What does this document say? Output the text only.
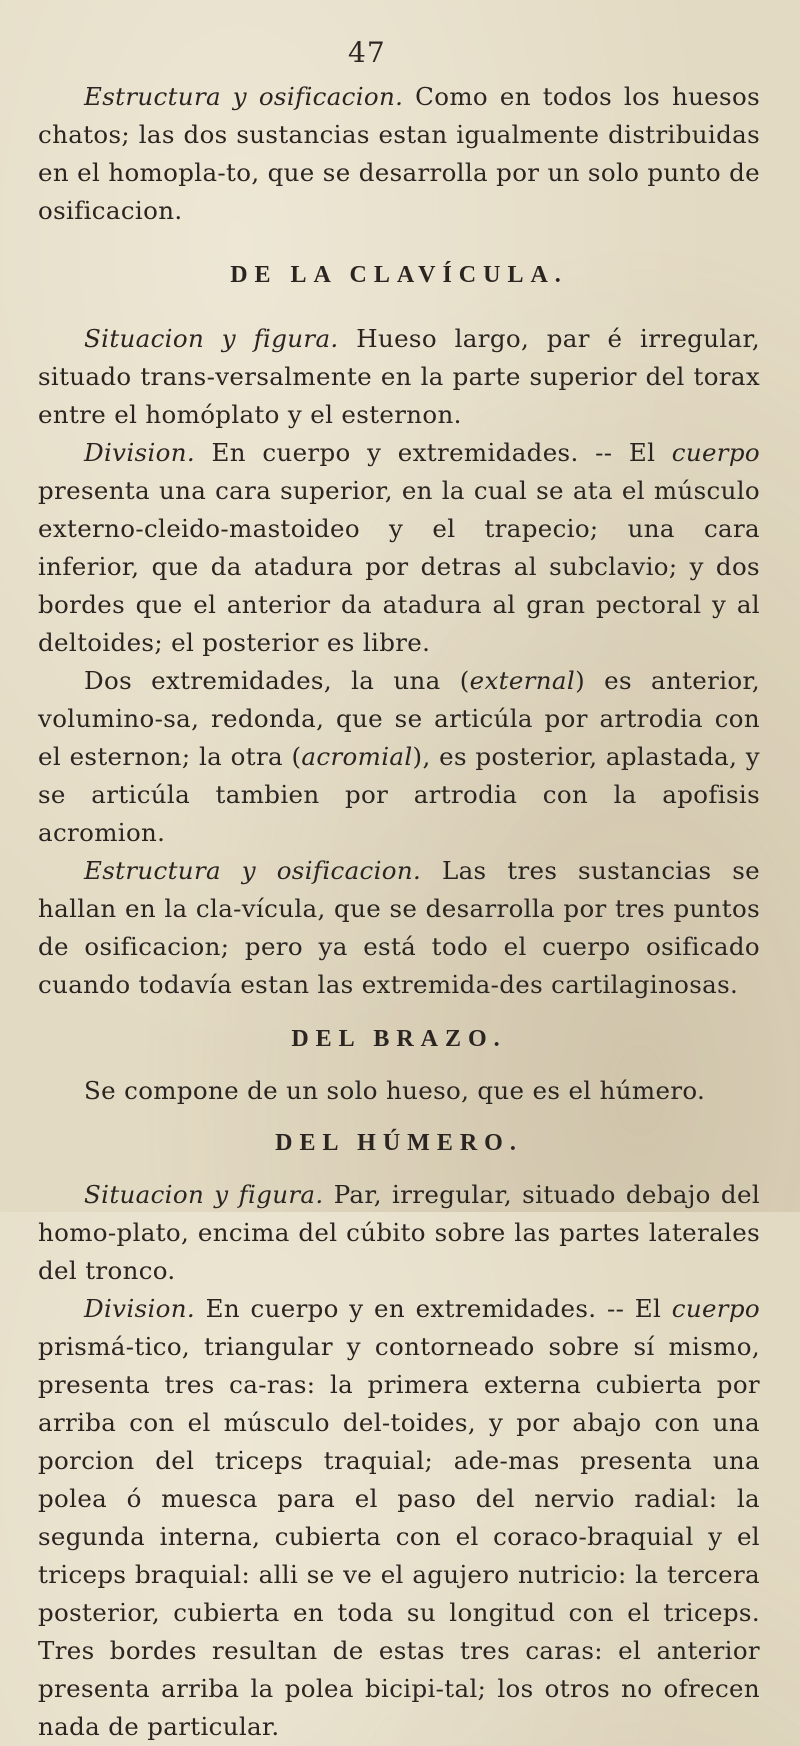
47

Estructura y osificacion. Como en todos los huesos chatos; las dos sustancias estan igualmente distribuidas en el homopla-to, que se desarrolla por un solo punto de osificacion.

DE LA CLAVÍCULA.

Situacion y figura. Hueso largo, par é irregular, situado trans-versalmente en la parte superior del torax entre el homóplato y el esternon.

Division. En cuerpo y extremidades. -- El cuerpo presenta una cara superior, en la cual se ata el músculo externo-cleido-mastoideo y el trapecio; una cara inferior, que da atadura por detras al subclavio; y dos bordes que el anterior da atadura al gran pectoral y al deltoides; el posterior es libre.

Dos extremidades, la una (external) es anterior, volumino-sa, redonda, que se articúla por artrodia con el esternon; la otra (acromial), es posterior, aplastada, y se articúla tambien por artrodia con la apofisis acromion.

Estructura y osificacion. Las tres sustancias se hallan en la cla-vícula, que se desarrolla por tres puntos de osificacion; pero ya está todo el cuerpo osificado cuando todavía estan las extremida-des cartilaginosas.

DEL BRAZO.

Se compone de un solo hueso, que es el húmero.

DEL HÚMERO.

Situacion y figura. Par, irregular, situado debajo del homo-plato, encima del cúbito sobre las partes laterales del tronco.

Division. En cuerpo y en extremidades. -- El cuerpo prismá-tico, triangular y contorneado sobre sí mismo, presenta tres ca-ras: la primera externa cubierta por arriba con el músculo del-toides, y por abajo con una porcion del triceps traquial; ade-mas presenta una polea ó muesca para el paso del nervio radial: la segunda interna, cubierta con el coraco-braquial y el triceps braquial: alli se ve el agujero nutricio: la tercera posterior, cubierta en toda su longitud con el triceps. Tres bordes resultan de estas tres caras: el anterior presenta arriba la polea bicipi-tal; los otros no ofrecen nada de particular.
